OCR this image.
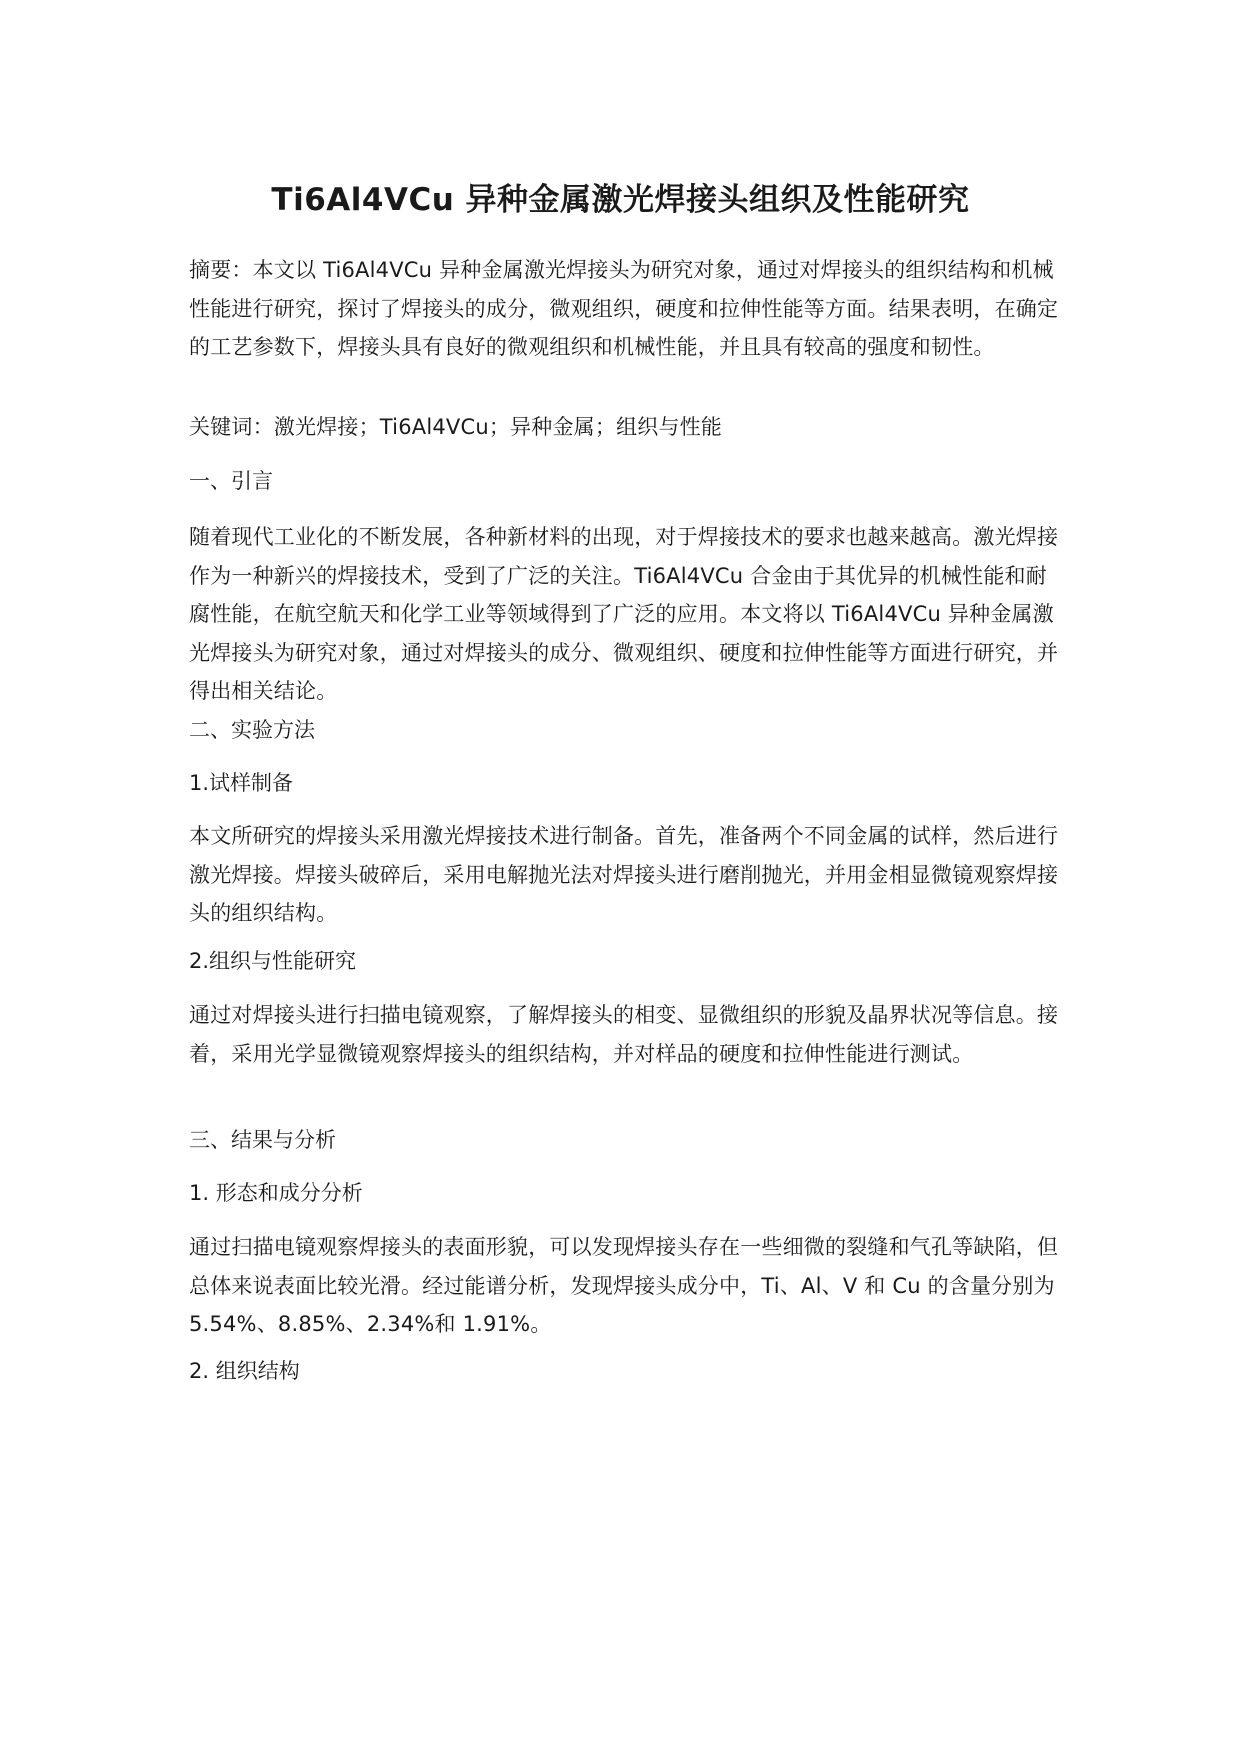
Ti6Al4VCu 异种金属激光焊接头组织及性能研究

摘要：本文以 Ti6Al4VCu 异种金属激光焊接头为研究对象，通过对焊接头的组织结构和机械性能进行研究，探讨了焊接头的成分，微观组织，硬度和拉伸性能等方面。结果表明，在确定的工艺参数下，焊接头具有良好的微观组织和机械性能，并且具有较高的强度和韧性。

关键词：激光焊接；Ti6Al4VCu；异种金属；组织与性能

一、引言

随着现代工业化的不断发展，各种新材料的出现，对于焊接技术的要求也越来越高。激光焊接作为一种新兴的焊接技术，受到了广泛的关注。Ti6Al4VCu 合金由于其优异的机械性能和耐腐性能，在航空航天和化学工业等领域得到了广泛的应用。本文将以 Ti6Al4VCu 异种金属激光焊接头为研究对象，通过对焊接头的成分、微观组织、硬度和拉伸性能等方面进行研究，并得出相关结论。

二、实验方法
1.试样制备

本文所研究的焊接头采用激光焊接技术进行制备。首先，准备两个不同金属的试样，然后进行激光焊接。焊接头破碎后，采用电解抛光法对焊接头进行磨削抛光，并用金相显微镜观察焊接头的组织结构。

2.组织与性能研究

通过对焊接头进行扫描电镜观察，了解焊接头的相变、显微组织的形貌及晶界状况等信息。接着，采用光学显微镜观察焊接头的组织结构，并对样品的硬度和拉伸性能进行测试。

三、结果与分析
1. 形态和成分分析

通过扫描电镜观察焊接头的表面形貌，可以发现焊接头存在一些细微的裂缝和气孔等缺陷，但总体来说表面比较光滑。经过能谱分析，发现焊接头成分中，Ti、Al、V 和 Cu 的含量分别为 5.54%、8.85%、2.34%和 1.91%。

2. 组织结构
